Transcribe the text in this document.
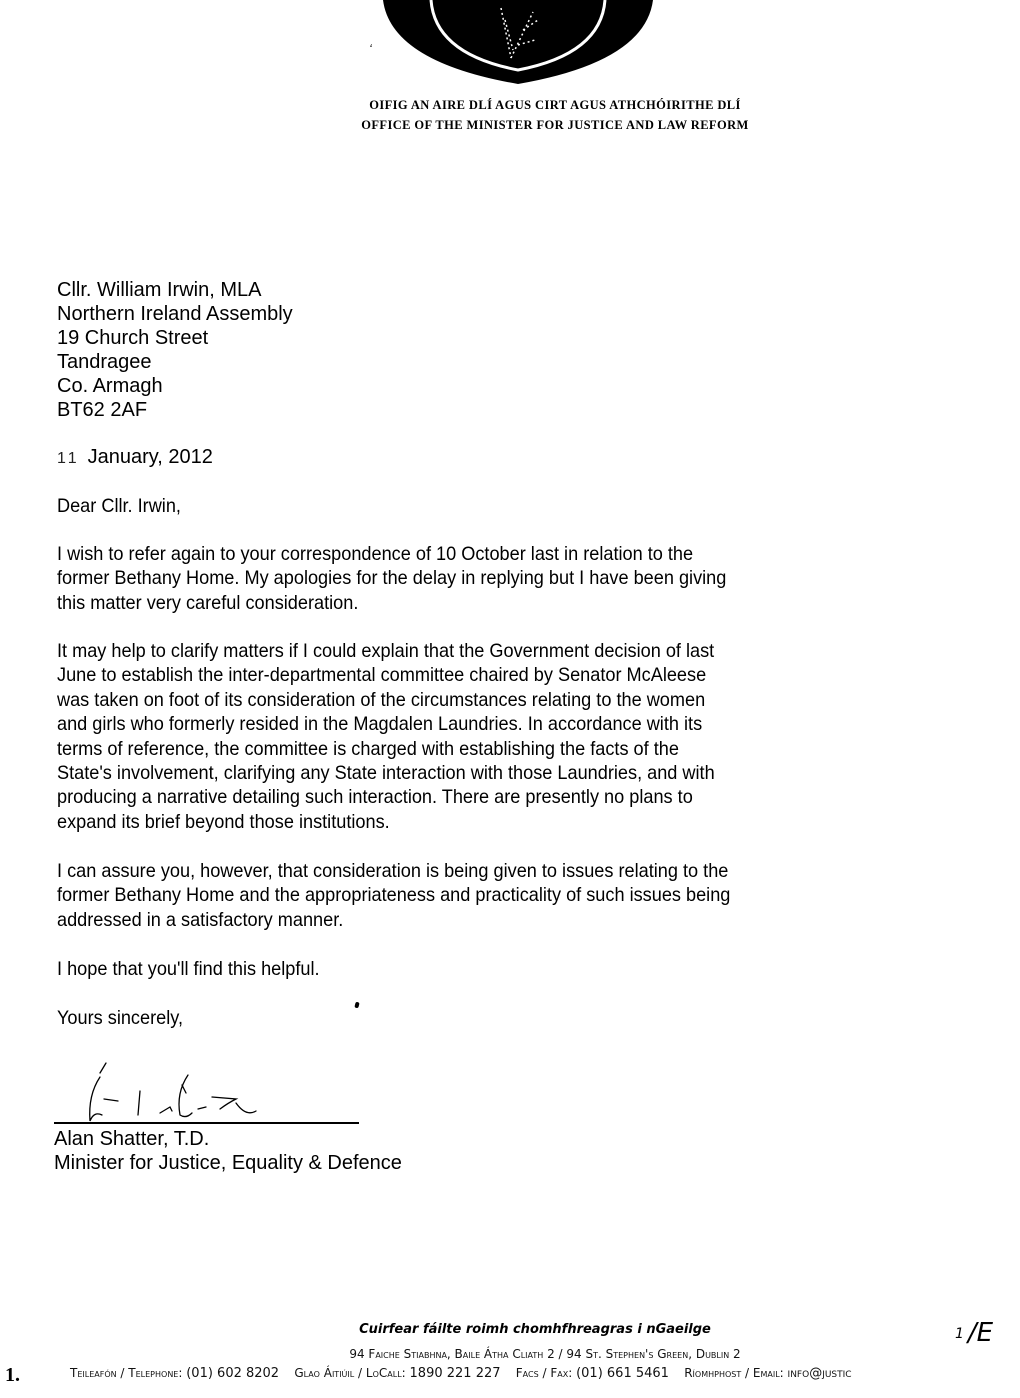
ʻ
OIFIG AN AIRE DLÍ AGUS CIRT AGUS ATHCHÓIRITHE DLÍ
OFFICE OF THE MINISTER FOR JUSTICE AND LAW REFORM
Cllr. William Irwin, MLA
Northern Ireland Assembly
19 Church Street
Tandragee
Co. Armagh
BT62 2AF
11 January, 2012
Dear Cllr. Irwin,
I wish to refer again to your correspondence of 10 October last in relation to the
former Bethany Home. My apologies for the delay in replying but I have been giving
this matter very careful consideration.
It may help to clarify matters if I could explain that the Government decision of last
June to establish the inter-departmental committee chaired by Senator McAleese
was taken on foot of its consideration of the circumstances relating to the women
and girls who formerly resided in the Magdalen Laundries. In accordance with its
terms of reference, the committee is charged with establishing the facts of the
State's involvement, clarifying any State interaction with those Laundries, and with
producing a narrative detailing such interaction. There are presently no plans to
expand its brief beyond those institutions.
I can assure you, however, that consideration is being given to issues relating to the
former Bethany Home and the appropriateness and practicality of such issues being
addressed in a satisfactory manner.
I hope that you'll find this helpful.
Yours sincerely,
Alan Shatter, T.D.
Minister for Justice, Equality & Defence
Cuirfear fáilte roimh chomhfhreagras i nGaeilge
94 Faiche Stiabhna, Baile Átha Cliath 2 / 94 St. Stephen's Green, Dublin 2
1.	Teileafón / Telephone: (01) 602 8202 Glao Áitiúil / LoCall: 1890 221 227 Facs / Fax: (01) 661 5461 Ríomhphost / Email: info@justic
1 /E
